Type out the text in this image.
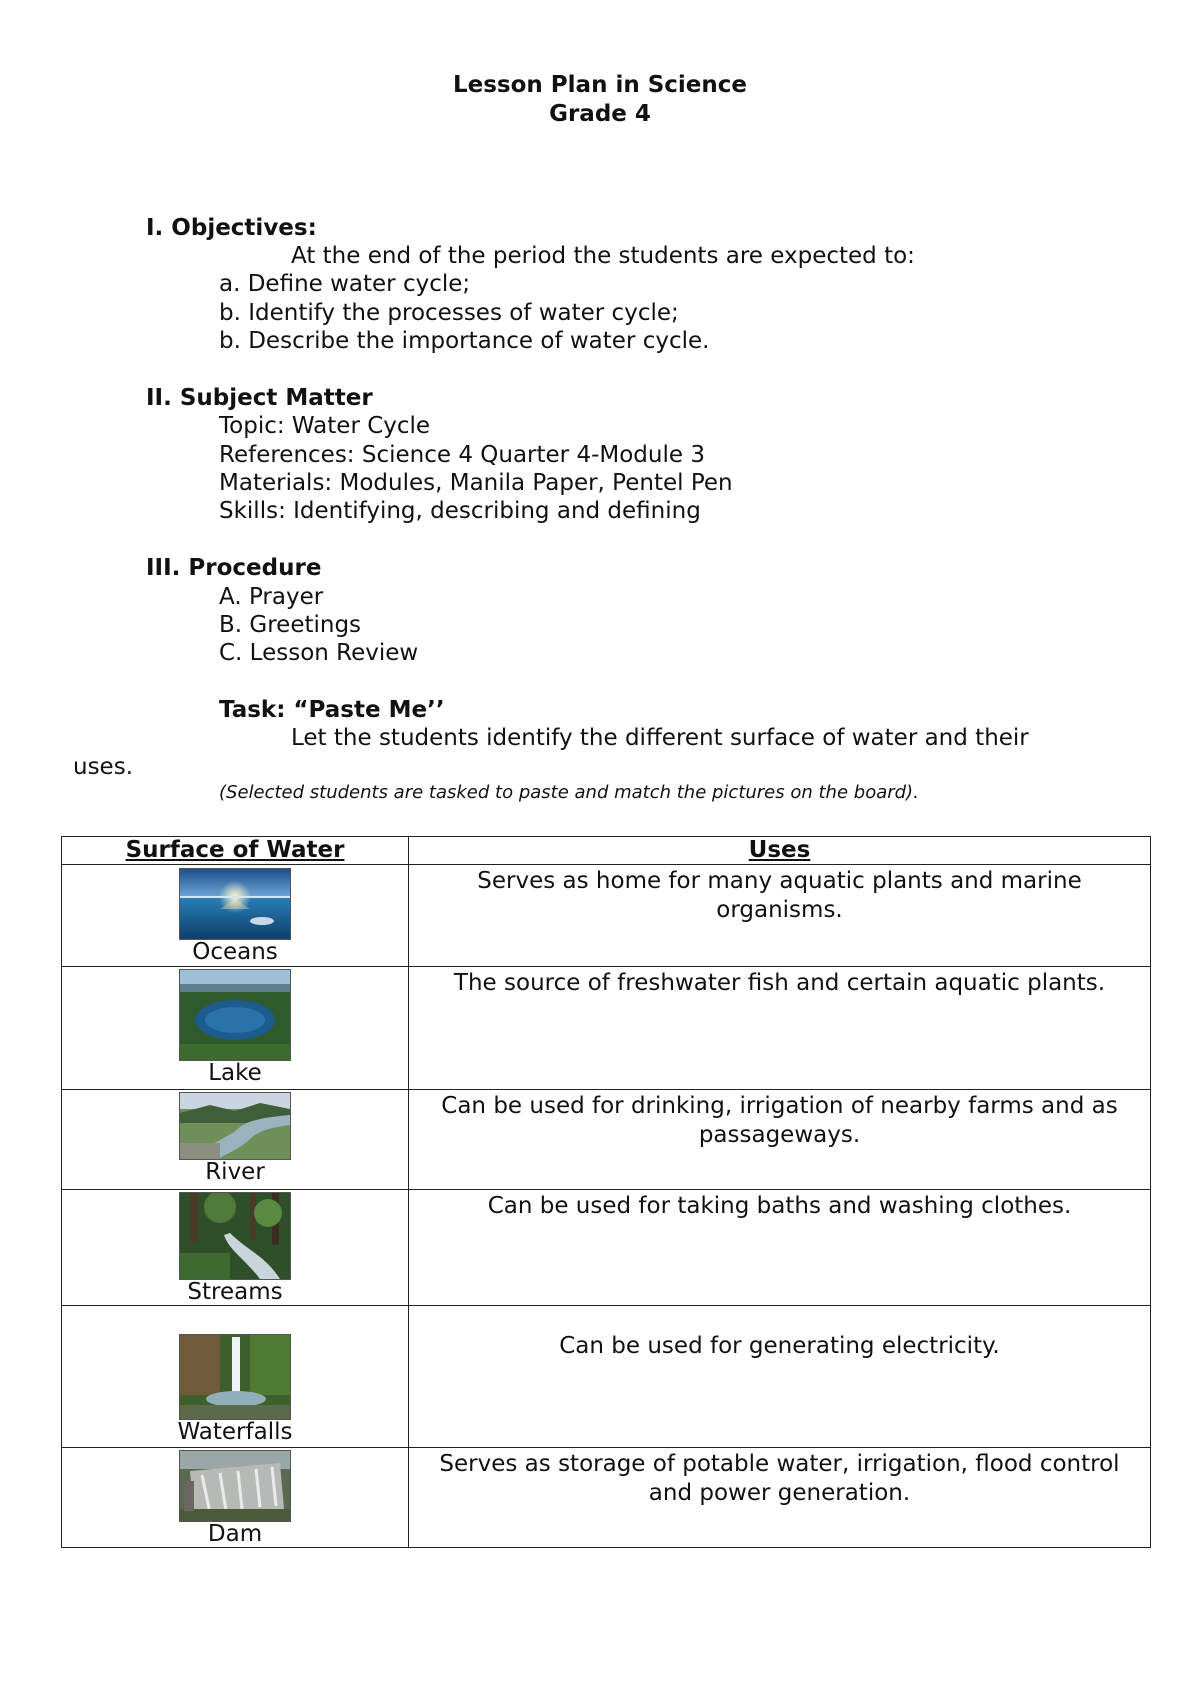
Lesson Plan in Science
Grade 4
I. Objectives:
At the end of the period the students are expected to:
a. Define water cycle;
b. Identify the processes of water cycle;
b. Describe the importance of water cycle.
II. Subject Matter
Topic: Water Cycle
References: Science 4 Quarter 4-Module 3
Materials: Modules, Manila Paper, Pentel Pen
Skills: Identifying, describing and defining
III. Procedure
A. Prayer
B. Greetings
C. Lesson Review
Task: “Paste Me’’
Let the students identify the different surface of water and their
uses.
(Selected students are tasked to paste and match the pictures on the board).
Surface of Water	Uses

Oceans	Serves as home for many aquatic plants and marine organisms.

Lake	The source of freshwater fish and certain aquatic plants.

River	Can be used for drinking, irrigation of nearby farms and as passageways.

Streams	Can be used for taking baths and washing clothes.

Waterfalls	Can be used for generating electricity.

Dam	Serves as storage of potable water, irrigation, flood control and power generation.
